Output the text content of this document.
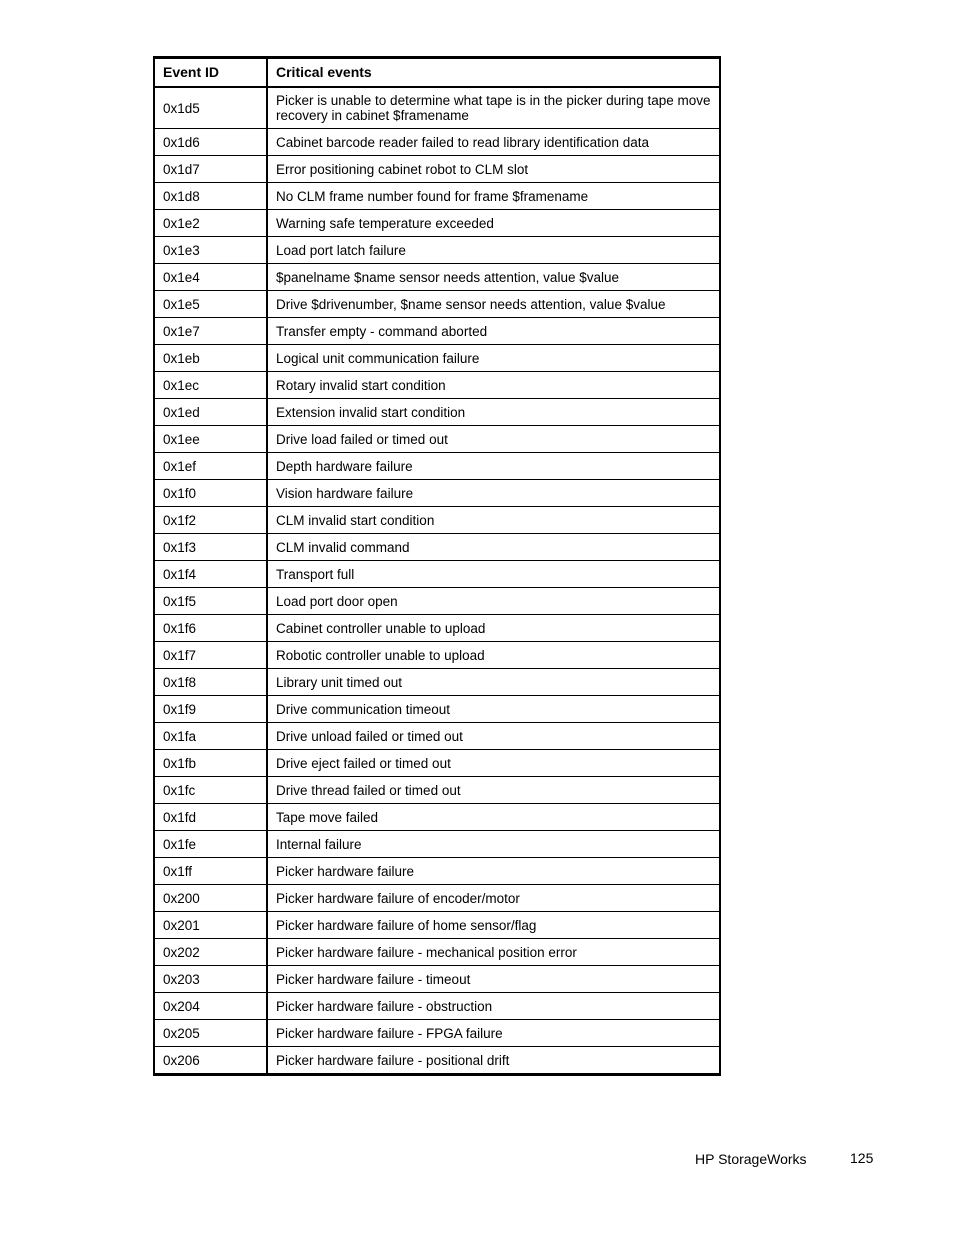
Event ID	Critical events
0x1d5	Picker is unable to determine what tape is in the picker during tape move recovery in cabinet $framename
0x1d6	Cabinet barcode reader failed to read library identification data
0x1d7	Error positioning cabinet robot to CLM slot
0x1d8	No CLM frame number found for frame $framename
0x1e2	Warning safe temperature exceeded
0x1e3	Load port latch failure
0x1e4	$panelname $name sensor needs attention, value $value
0x1e5	Drive $drivenumber, $name sensor needs attention, value $value
0x1e7	Transfer empty - command aborted
0x1eb	Logical unit communication failure
0x1ec	Rotary invalid start condition
0x1ed	Extension invalid start condition
0x1ee	Drive load failed or timed out
0x1ef	Depth hardware failure
0x1f0	Vision hardware failure
0x1f2	CLM invalid start condition
0x1f3	CLM invalid command
0x1f4	Transport full
0x1f5	Load port door open
0x1f6	Cabinet controller unable to upload
0x1f7	Robotic controller unable to upload
0x1f8	Library unit timed out
0x1f9	Drive communication timeout
0x1fa	Drive unload failed or timed out
0x1fb	Drive eject failed or timed out
0x1fc	Drive thread failed or timed out
0x1fd	Tape move failed
0x1fe	Internal failure
0x1ff	Picker hardware failure
0x200	Picker hardware failure of encoder/motor
0x201	Picker hardware failure of home sensor/flag
0x202	Picker hardware failure - mechanical position error
0x203	Picker hardware failure - timeout
0x204	Picker hardware failure - obstruction
0x205	Picker hardware failure - FPGA failure
0x206	Picker hardware failure - positional drift
HP StorageWorks	125
